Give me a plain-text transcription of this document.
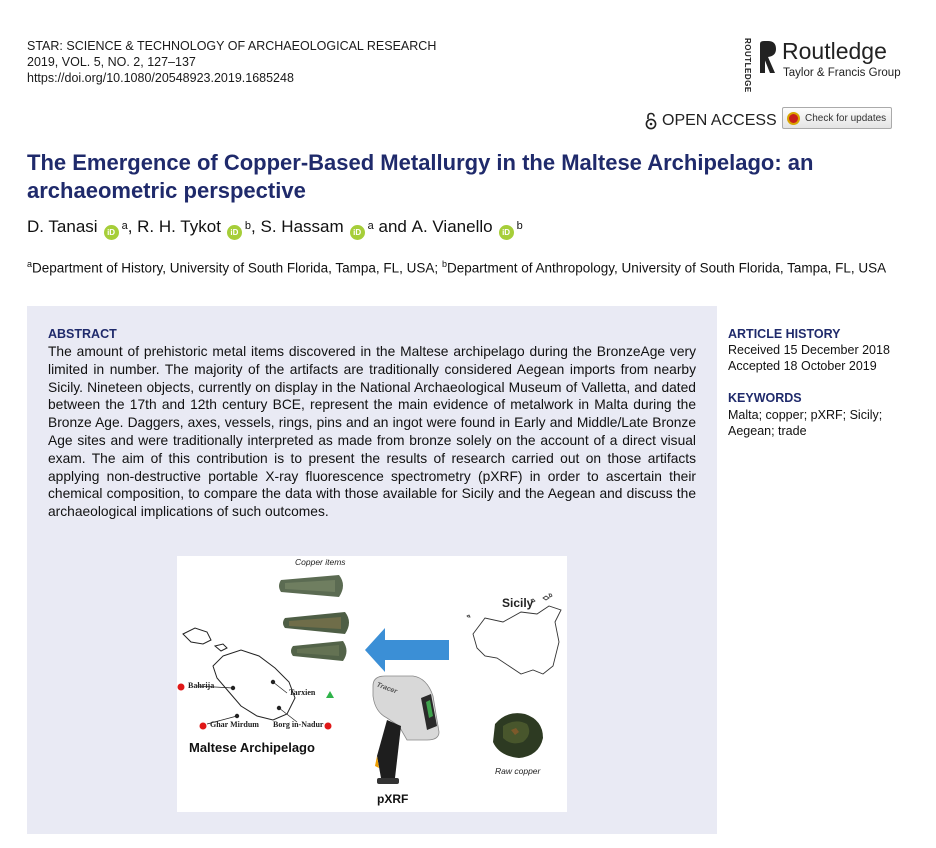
STAR: SCIENCE & TECHNOLOGY OF ARCHAEOLOGICAL RESEARCH
2019, VOL. 5, NO. 2, 127–137
https://doi.org/10.1080/20548923.2019.1685248	ROUTLEDGE Routledge
Taylor & Francis Group
OPEN ACCESS	Check for updates
The Emergence of Copper-Based Metallurgy in the Maltese Archipelago: an archaeometric perspective
D. Tanasi iDa, R. H. Tykot iDb, S. Hassam iDa and A. Vianello iDb
$^a$Department of History, University of South Florida, Tampa, FL, USA; $^b$Department of Anthropology, University of South Florida, Tampa, FL, USA
ABSTRACT
The amount of prehistoric metal items discovered in the Maltese archipelago during the BronzeAge very limited in number. The majority of the artifacts are traditionally considered Aegean imports from nearby Sicily. Nineteen objects, currently on display in the National Archaeological Museum of Valletta, and dated between the 17th and 12th century BCE, represent the main evidence of metalwork in Malta during the Bronze Age. Daggers, axes, vessels, rings, pins and an ingot were found in Early and Middle/Late Bronze Age sites and were traditionally interpreted as made from bronze solely on the account of a direct visual exam. The aim of this contribution is to present the results of research carried out on those artifacts applying non-destructive portable X-ray fluorescence spectrometry (pXRF) in order to ascertain their chemical composition, to compare the data with those available for Sicily and the Aegean and discuss the archaeological implications of such outcomes.
Copper items
Sicily
Bahrija
Tarxien
Ghar Mirdum Borg in-Nadur
Maltese Archipelago
Tracer
Raw copper
pXRF
ARTICLE HISTORY
Received 15 December 2018
Accepted 18 October 2019
KEYWORDS
Malta; copper; pXRF; Sicily; Aegean; trade
